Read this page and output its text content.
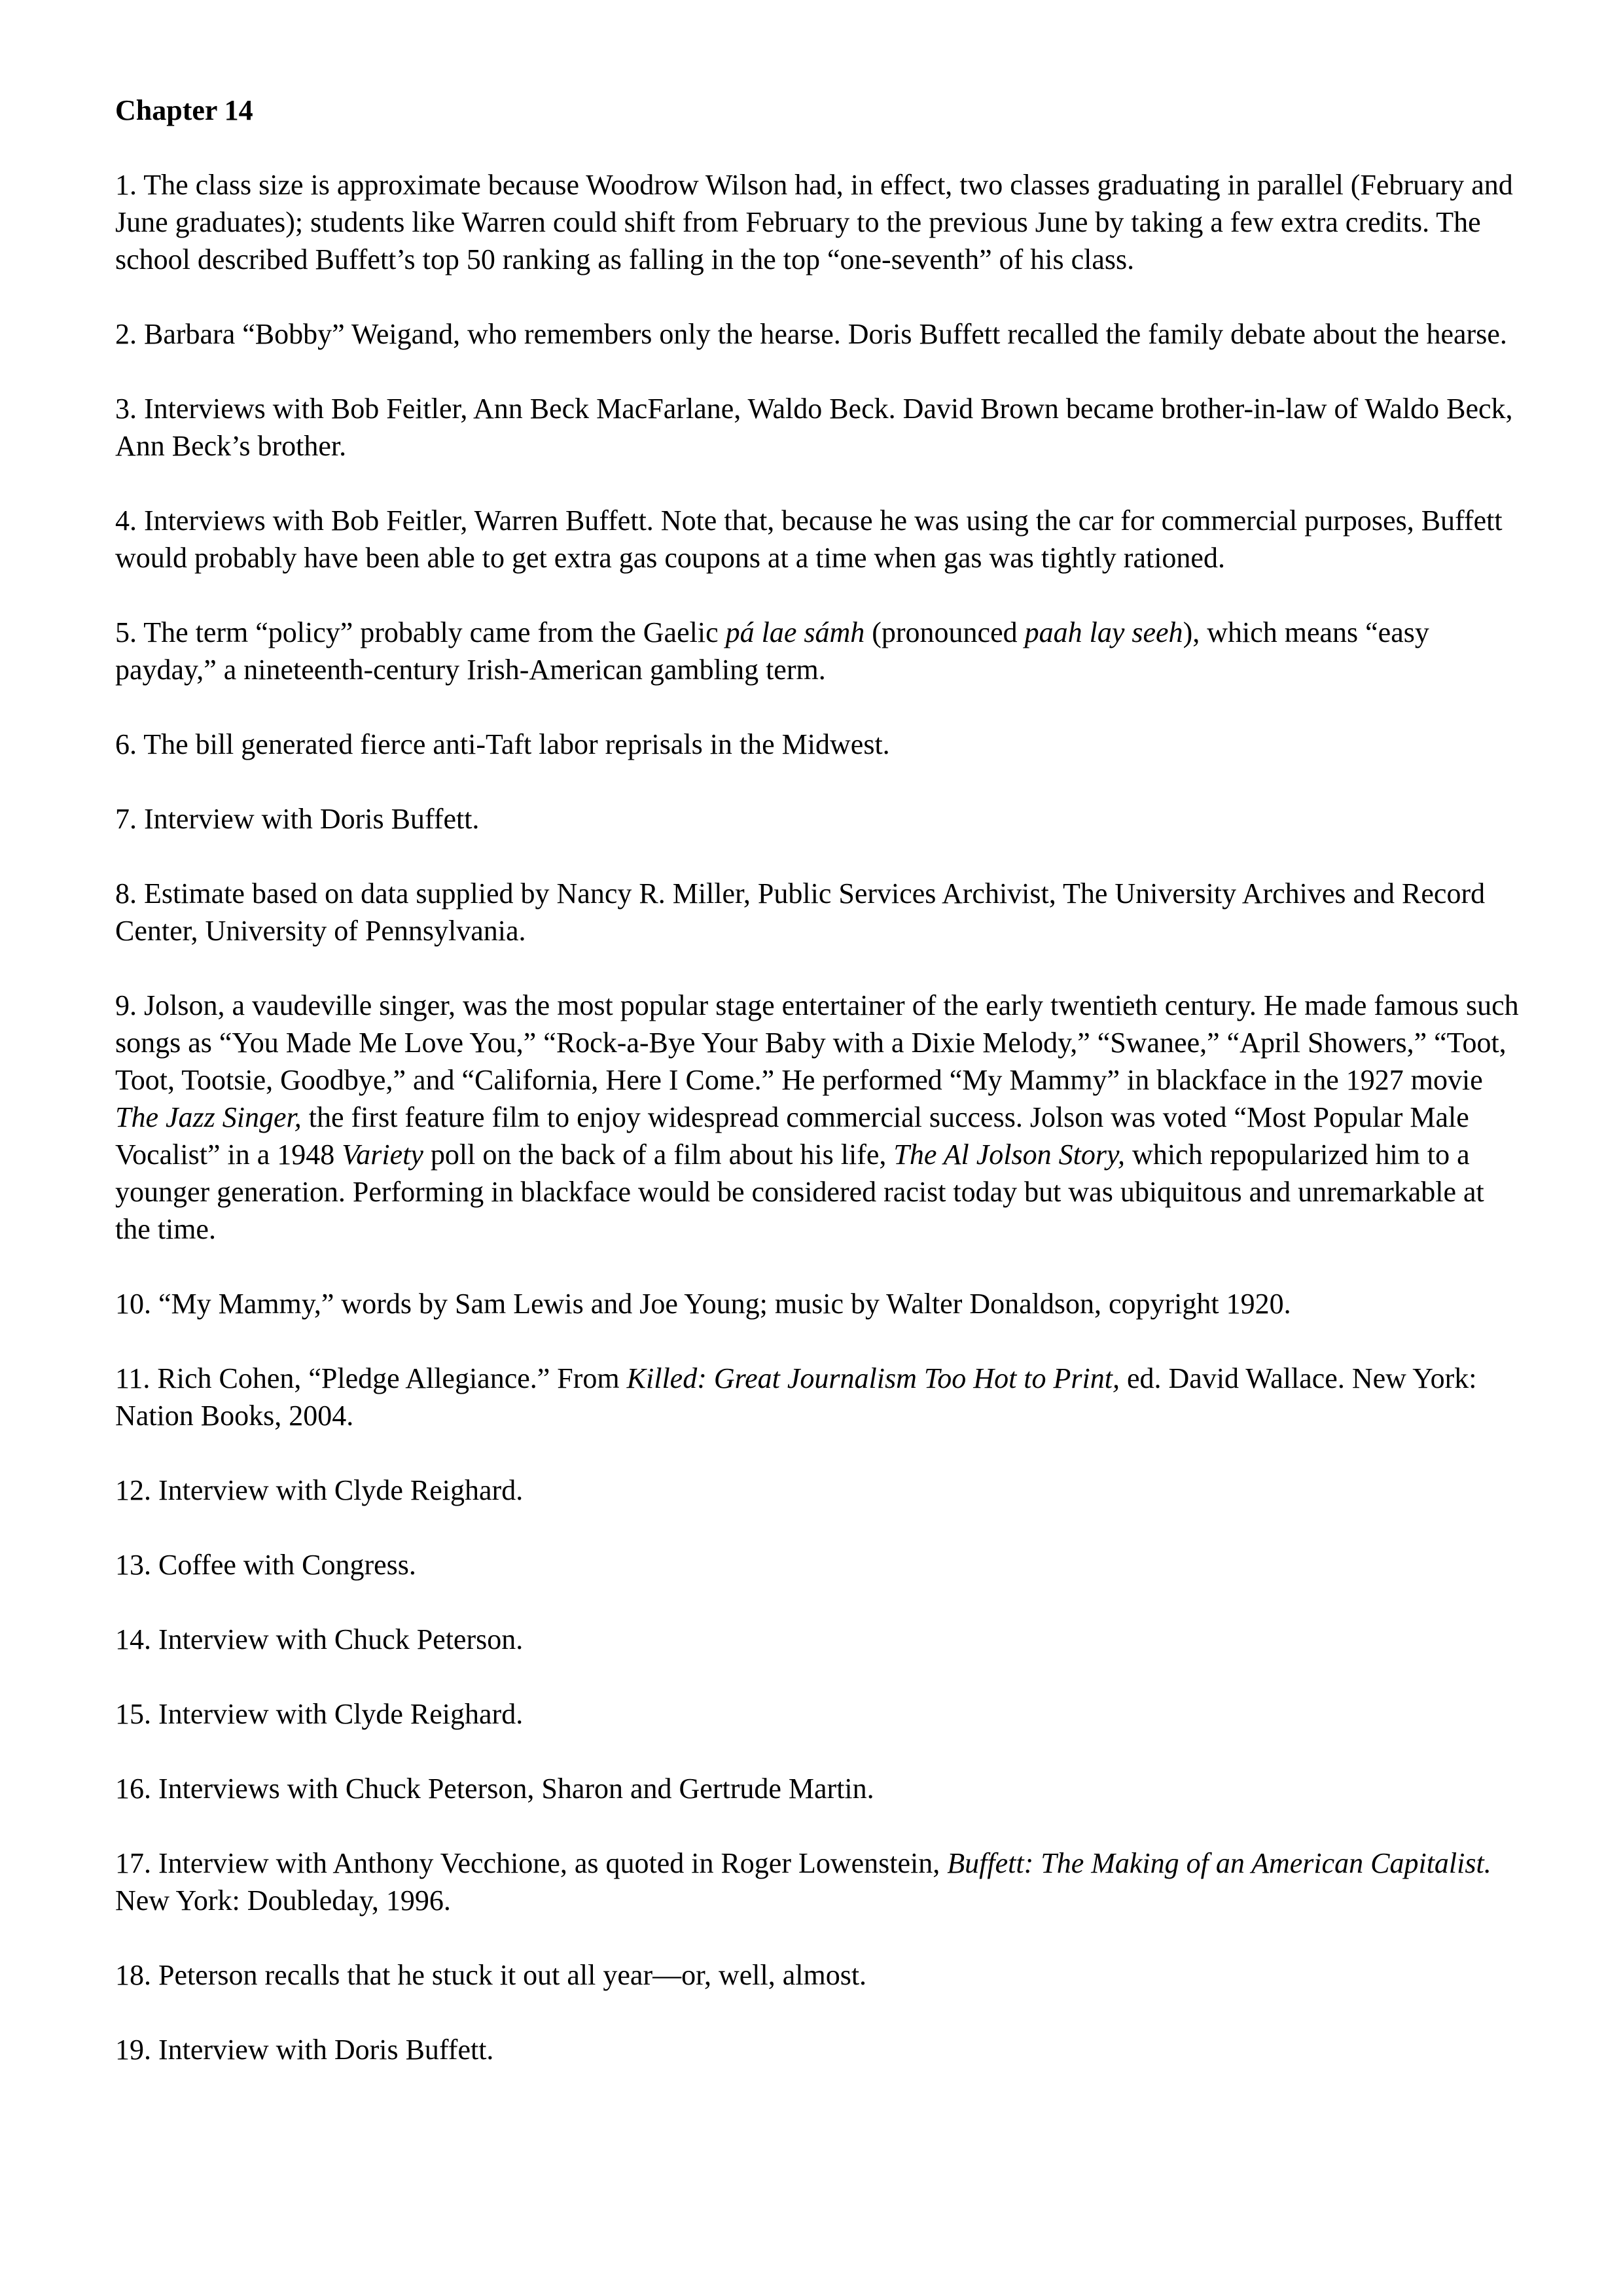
Chapter 14

1. The class size is approximate because Woodrow Wilson had, in effect, two classes graduating in parallel (February and June graduates); students like Warren could shift from February to the previous June by taking a few extra credits. The school described Buffett’s top 50 ranking as falling in the top “one-seventh” of his class.

2. Barbara “Bobby” Weigand, who remembers only the hearse. Doris Buffett recalled the family debate about the hearse.

3. Interviews with Bob Feitler, Ann Beck MacFarlane, Waldo Beck. David Brown became brother-in-law of Waldo Beck, Ann Beck’s brother.

4. Interviews with Bob Feitler, Warren Buffett. Note that, because he was using the car for commercial purposes, Buffett would probably have been able to get extra gas coupons at a time when gas was tightly rationed.

5. The term “policy” probably came from the Gaelic pá lae sámh (pronounced paah lay seeh), which means “easy payday,” a nineteenth-century Irish-American gambling term.

6. The bill generated fierce anti-Taft labor reprisals in the Midwest.

7. Interview with Doris Buffett.

8. Estimate based on data supplied by Nancy R. Miller, Public Services Archivist, The University Archives and Record Center, University of Pennsylvania.

9. Jolson, a vaudeville singer, was the most popular stage entertainer of the early twentieth century. He made famous such songs as “You Made Me Love You,” “Rock-a-Bye Your Baby with a Dixie Melody,” “Swanee,” “April Showers,” “Toot, Toot, Tootsie, Goodbye,” and “California, Here I Come.” He performed “My Mammy” in blackface in the 1927 movie The Jazz Singer, the first feature film to enjoy widespread commercial success. Jolson was voted “Most Popular Male Vocalist” in a 1948 Variety poll on the back of a film about his life, The Al Jolson Story, which repopularized him to a younger generation. Performing in blackface would be considered racist today but was ubiquitous and unremarkable at the time.

10. “My Mammy,” words by Sam Lewis and Joe Young; music by Walter Donaldson, copyright 1920.

11. Rich Cohen, “Pledge Allegiance.” From Killed: Great Journalism Too Hot to Print, ed. David Wallace. New York: Nation Books, 2004.

12. Interview with Clyde Reighard.

13. Coffee with Congress.

14. Interview with Chuck Peterson.

15. Interview with Clyde Reighard.

16. Interviews with Chuck Peterson, Sharon and Gertrude Martin.

17. Interview with Anthony Vecchione, as quoted in Roger Lowenstein, Buffett: The Making of an American Capitalist. New York: Doubleday, 1996.

18. Peterson recalls that he stuck it out all year—or, well, almost.

19. Interview with Doris Buffett.
